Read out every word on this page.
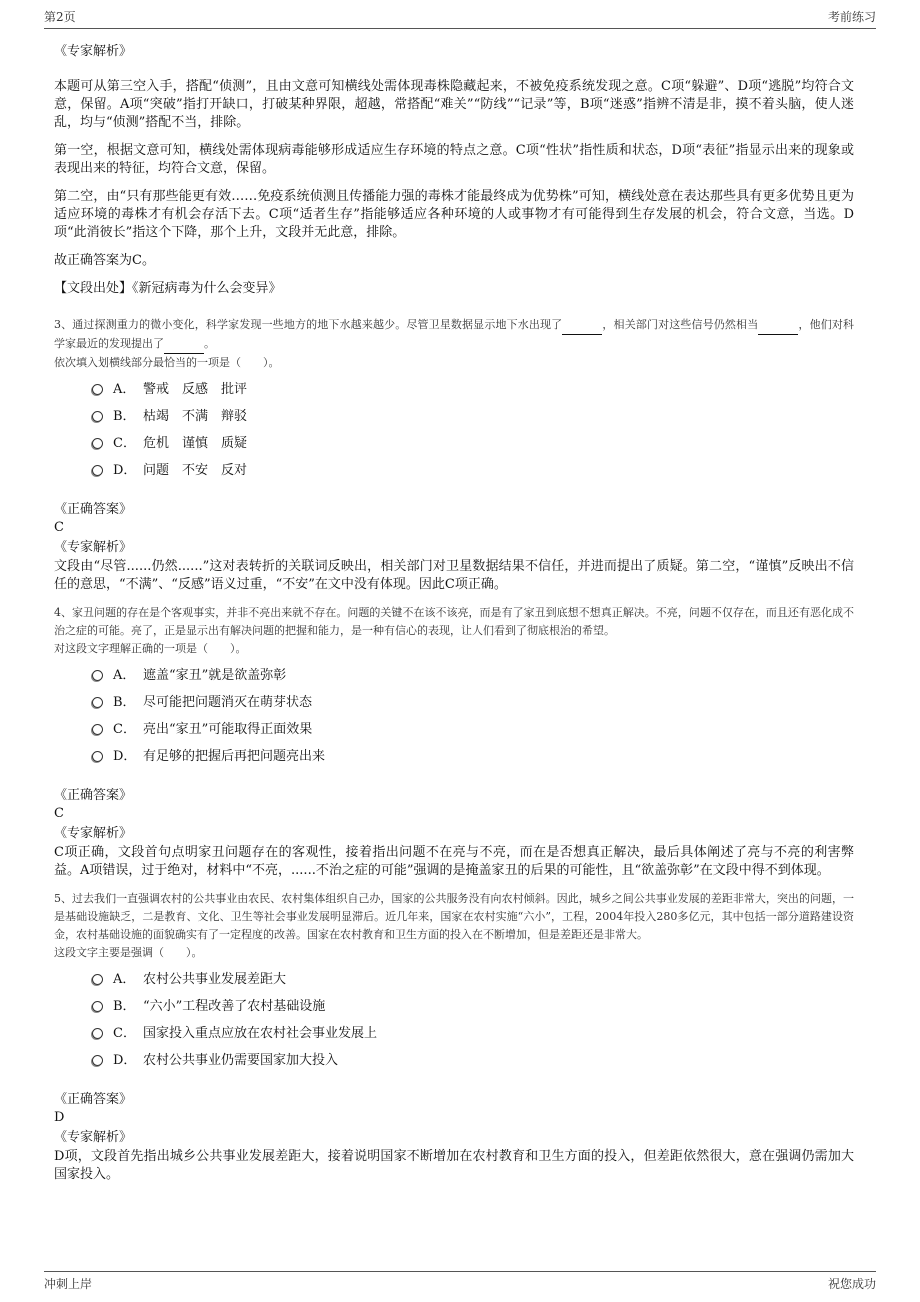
第2页	考前练习
《专家解析》

本题可从第三空入手，搭配“侦测”，且由文意可知横线处需体现毒株隐藏起来，不被免疫系统发现之意。C项“躲避”、D项“逃脱”均符合文意，保留。A项“突破”指打开缺口，打破某种界限，超越，常搭配“难关”“防线”“记录”等，B项“迷惑”指辨不清是非，摸不着头脑，使人迷乱，均与“侦测”搭配不当，排除。

第一空，根据文意可知，横线处需体现病毒能够形成适应生存环境的特点之意。C项“性状”指性质和状态，D项“表征”指显示出来的现象或表现出来的特征，均符合文意，保留。

第二空，由“只有那些能更有效……免疫系统侦测且传播能力强的毒株才能最终成为优势株”可知，横线处意在表达那些具有更多优势且更为适应环境的毒株才有机会存活下去。C项“适者生存”指能够适应各种环境的人或事物才有可能得到生存发展的机会，符合文意，当选。D项“此消彼长”指这个下降，那个上升，文段并无此意，排除。

故正确答案为C。

【文段出处】《新冠病毒为什么会变异》

3、通过探测重力的微小变化，科学家发现一些地方的地下水越来越少。尽管卫星数据显示地下水出现了	，相关部门对这些信号仍然相当	，他们对科学家最近的发现提出了	。

依次填入划横线部分最恰当的一项是（　　）。

A． 警戒　反感　批评
B． 枯竭　不满　辩驳
C． 危机　谨慎　质疑
D． 问题　不安　反对
《正确答案》
C
《专家解析》

文段由“尽管......仍然......”这对表转折的关联词反映出，相关部门对卫星数据结果不信任，并进而提出了质疑。第二空，“谨慎”反映出不信任的意思，“不满”、“反感”语义过重，“不安”在文中没有体现。因此C项正确。

4、家丑问题的存在是个客观事实，并非不亮出来就不存在。问题的关键不在该不该亮，而是有了家丑到底想不想真正解决。不亮，问题不仅存在，而且还有恶化成不治之症的可能。亮了，正是显示出有解决问题的把握和能力，是一种有信心的表现，让人们看到了彻底根治的希望。

对这段文字理解正确的一项是（　　）。

A． 遮盖“家丑”就是欲盖弥彰
B． 尽可能把问题消灭在萌芽状态
C． 亮出“家丑”可能取得正面效果
D． 有足够的把握后再把问题亮出来
《正确答案》
C
《专家解析》

C项正确，文段首句点明家丑问题存在的客观性，接着指出问题不在亮与不亮，而在是否想真正解决，最后具体阐述了亮与不亮的利害弊益。A项错误，过于绝对，材料中“不亮，......不治之症的可能”强调的是掩盖家丑的后果的可能性，且“欲盖弥彰”在文段中得不到体现。

5、过去我们一直强调农村的公共事业由农民、农村集体组织自己办，国家的公共服务没有向农村倾斜。因此，城乡之间公共事业发展的差距非常大，突出的问题，一是基础设施缺乏，二是教育、文化、卫生等社会事业发展明显滞后。近几年来，国家在农村实施“六小”，工程，2004年投入280多亿元，其中包括一部分道路建设资金，农村基础设施的面貌确实有了一定程度的改善。国家在农村教育和卫生方面的投入在不断增加，但是差距还是非常大。

这段文字主要是强调（　　）。

A． 农村公共事业发展差距大
B． “六小”工程改善了农村基础设施
C． 国家投入重点应放在农村社会事业发展上
D． 农村公共事业仍需要国家加大投入
《正确答案》
D
《专家解析》

D项，文段首先指出城乡公共事业发展差距大，接着说明国家不断增加在农村教育和卫生方面的投入，但差距依然很大，意在强调仍需加大国家投入。

冲刺上岸	祝您成功
